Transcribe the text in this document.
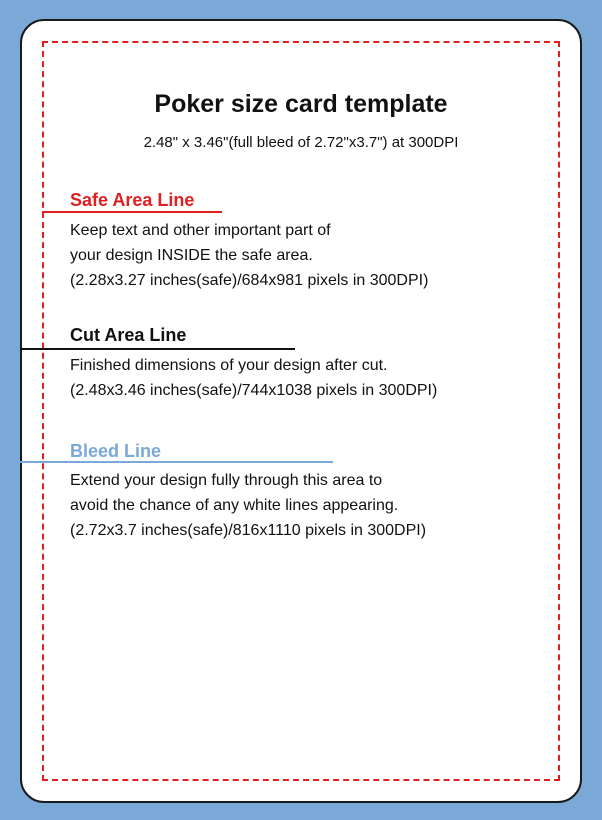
Poker size card template
2.48" x 3.46"(full bleed of 2.72"x3.7") at 300DPI
Safe Area Line
Keep text and other important part of
your design INSIDE the safe area.
(2.28x3.27 inches(safe)/684x981 pixels in 300DPI)
Cut Area Line
Finished dimensions of your design after cut.
(2.48x3.46 inches(safe)/744x1038 pixels in 300DPI)
Bleed Line
Extend your design fully through this area to
avoid the chance of any white lines appearing.
(2.72x3.7 inches(safe)/816x1110 pixels in 300DPI)
